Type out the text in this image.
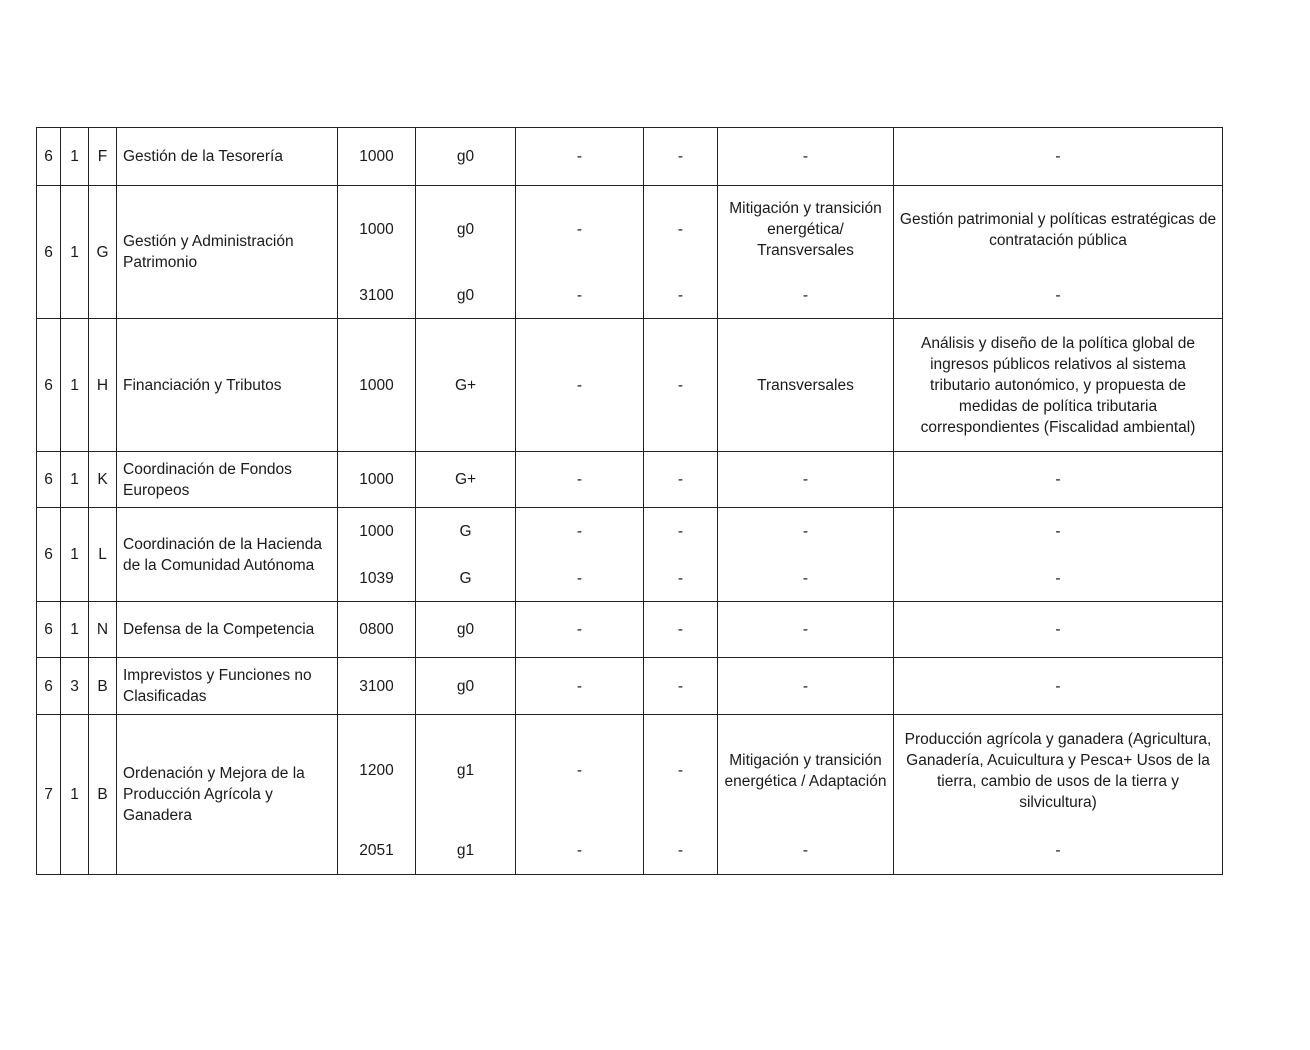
6	1	F	Gestión de la Tesorería	1000	g0	-	-	-	-
6	1	G	Gestión y Administración Patrimonio	1000	g0	-	-	Mitigación y transición energética/ Transversales	Gestión patrimonial y políticas estratégicas de contratación pública
				3100	g0	-	-	-	-
6	1	H	Financiación y Tributos	1000	G+	-	-	Transversales	Análisis y diseño de la política global de ingresos públicos relativos al sistema tributario autonómico, y propuesta de medidas de política tributaria correspondientes (Fiscalidad ambiental)
6	1	K	Coordinación de Fondos Europeos	1000	G+	-	-	-	-
6	1	L	Coordinación de la Hacienda de la Comunidad Autónoma	1000	G	-	-	-	-
				1039	G	-	-	-	-
6	1	N	Defensa de la Competencia	0800	g0	-	-	-	-
6	3	B	Imprevistos y Funciones no Clasificadas	3100	g0	-	-	-	-
7	1	B	Ordenación y Mejora de la Producción Agrícola y Ganadera	1200	g1	-	-	Mitigación y transición energética / Adaptación	Producción agrícola y ganadera (Agricultura, Ganadería, Acuicultura y Pesca+ Usos de la tierra, cambio de usos de la tierra y silvicultura)
				2051	g1	-	-	-	-
